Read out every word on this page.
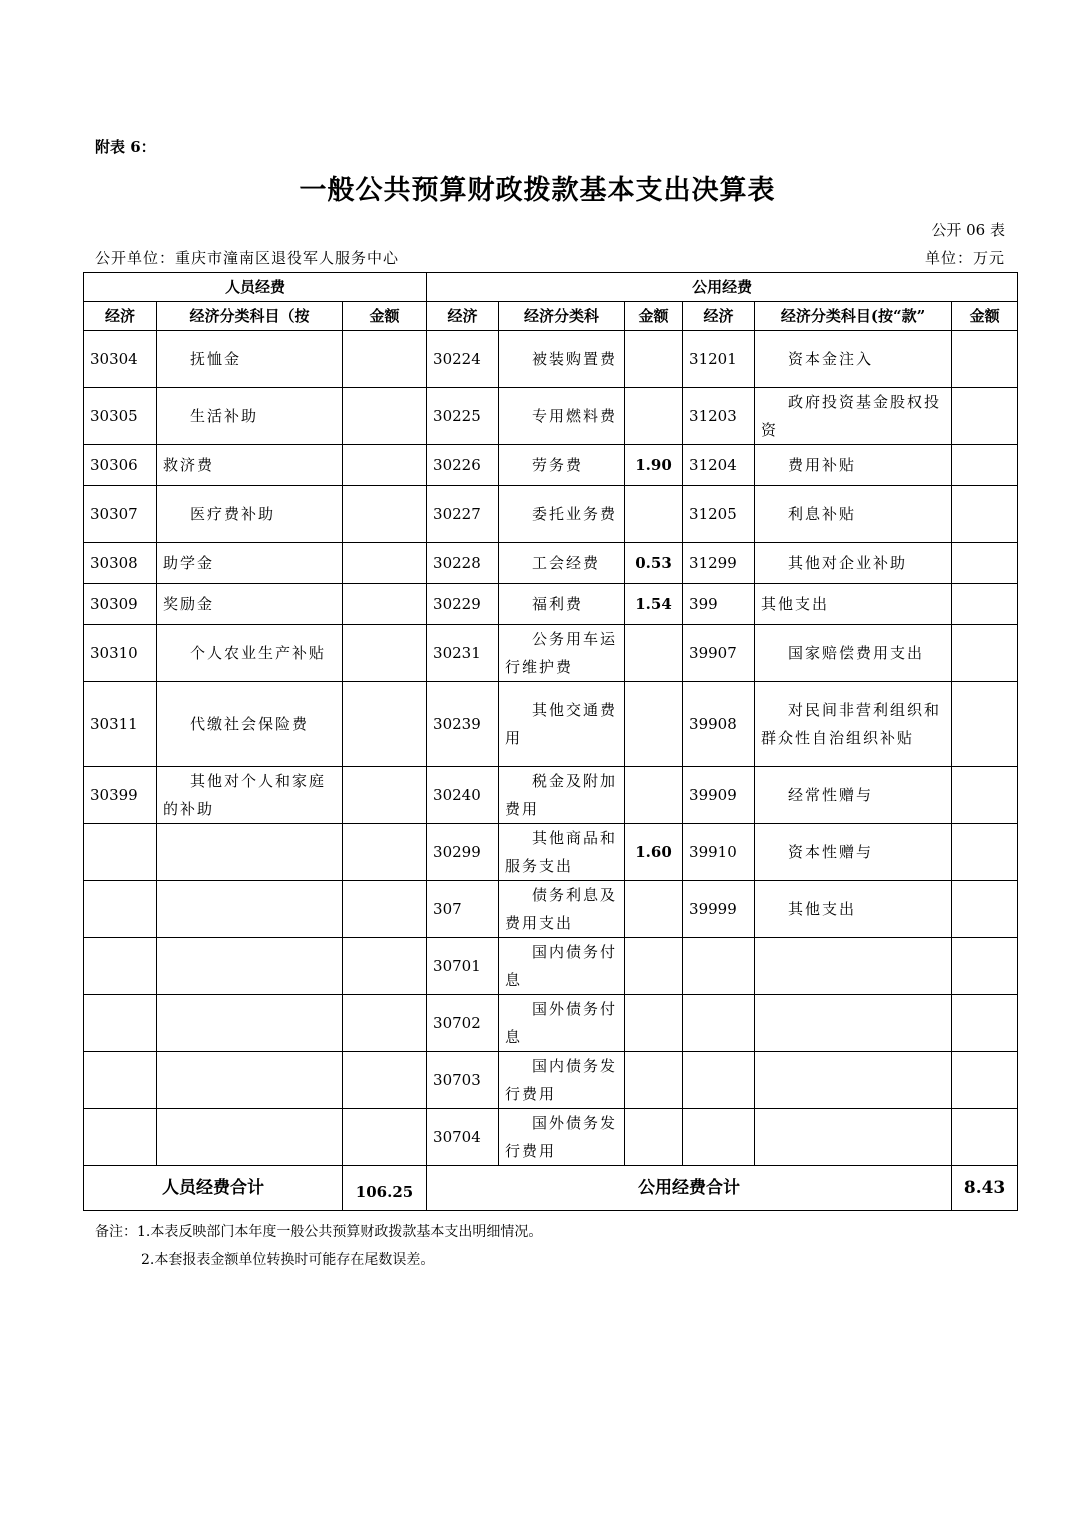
附表 6：
一般公共预算财政拨款基本支出决算表
公开 06 表
公开单位：重庆市潼南区退役军人服务中心	单位：万元
人员经费			公用经费					
经济	经济分类科目（按	金额	经济	经济分类科	金额	经济	经济分类科目(按“款”	金额
30304	抚恤金		30224	被装购置费		31201	资本金注入	
30305	生活补助		30225	专用燃料费		31203	政府投资基金股权投资	
30306	救济费		30226	劳务费	1.90	31204	费用补贴	
30307	医疗费补助		30227	委托业务费		31205	利息补贴	
30308	助学金		30228	工会经费	0.53	31299	其他对企业补助	
30309	奖励金		30229	福利费	1.54	399	其他支出	
30310	个人农业生产补贴		30231	公务用车运行维护费		39907	国家赔偿费用支出	
30311	代缴社会保险费		30239	其他交通费用		39908	对民间非营利组织和群众性自治组织补贴	
30399	其他对个人和家庭的补助		30240	税金及附加费用		39909	经常性赠与	
			30299	其他商品和服务支出	1.60	39910	资本性赠与	
			307	债务利息及费用支出		39999	其他支出	
			30701	国内债务付息				
			30702	国外债务付息				
			30703	国内债务发行费用				
			30704	国外债务发行费用				
人员经费合计		106.25	公用经费合计					8.43
备注：1.本表反映部门本年度一般公共预算财政拨款基本支出明细情况。
2.本套报表金额单位转换时可能存在尾数误差。
